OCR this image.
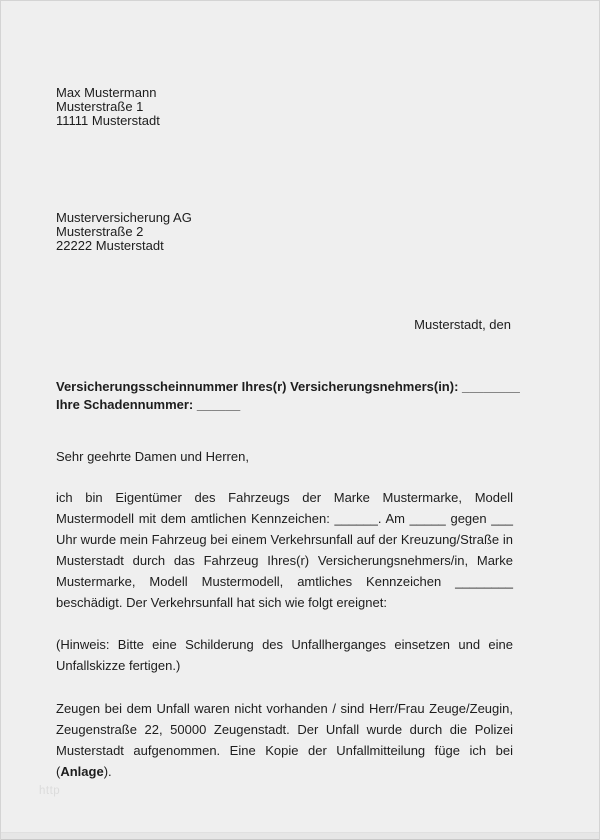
Max Mustermann
Musterstraße 1
11111 Musterstadt
Musterversicherung AG
Musterstraße 2
22222 Musterstadt
Musterstadt, den
Versicherungsscheinnummer Ihres(r) Versicherungsnehmers(in): ________
Ihre Schadennummer: ______
Sehr geehrte Damen und Herren,
ich bin Eigentümer des Fahrzeugs der Marke Mustermarke, Modell Mustermodell mit dem amtlichen Kennzeichen: ______. Am _____ gegen ___ Uhr wurde mein Fahrzeug bei einem Verkehrsunfall auf der Kreuzung/Straße in Musterstadt durch das Fahrzeug Ihres(r) Versicherungsnehmers/in, Marke Mustermarke, Modell Mustermodell, amtliches Kennzeichen ________ beschädigt. Der Verkehrsunfall hat sich wie folgt ereignet:
(Hinweis: Bitte eine Schilderung des Unfallherganges einsetzen und eine Unfallskizze fertigen.)
Zeugen bei dem Unfall waren nicht vorhanden / sind Herr/Frau Zeuge/Zeugin, Zeugenstraße 22, 50000 Zeugenstadt. Der Unfall wurde durch die Polizei Musterstadt aufgenommen. Eine Kopie der Unfallmitteilung füge ich bei (Anlage).
http
